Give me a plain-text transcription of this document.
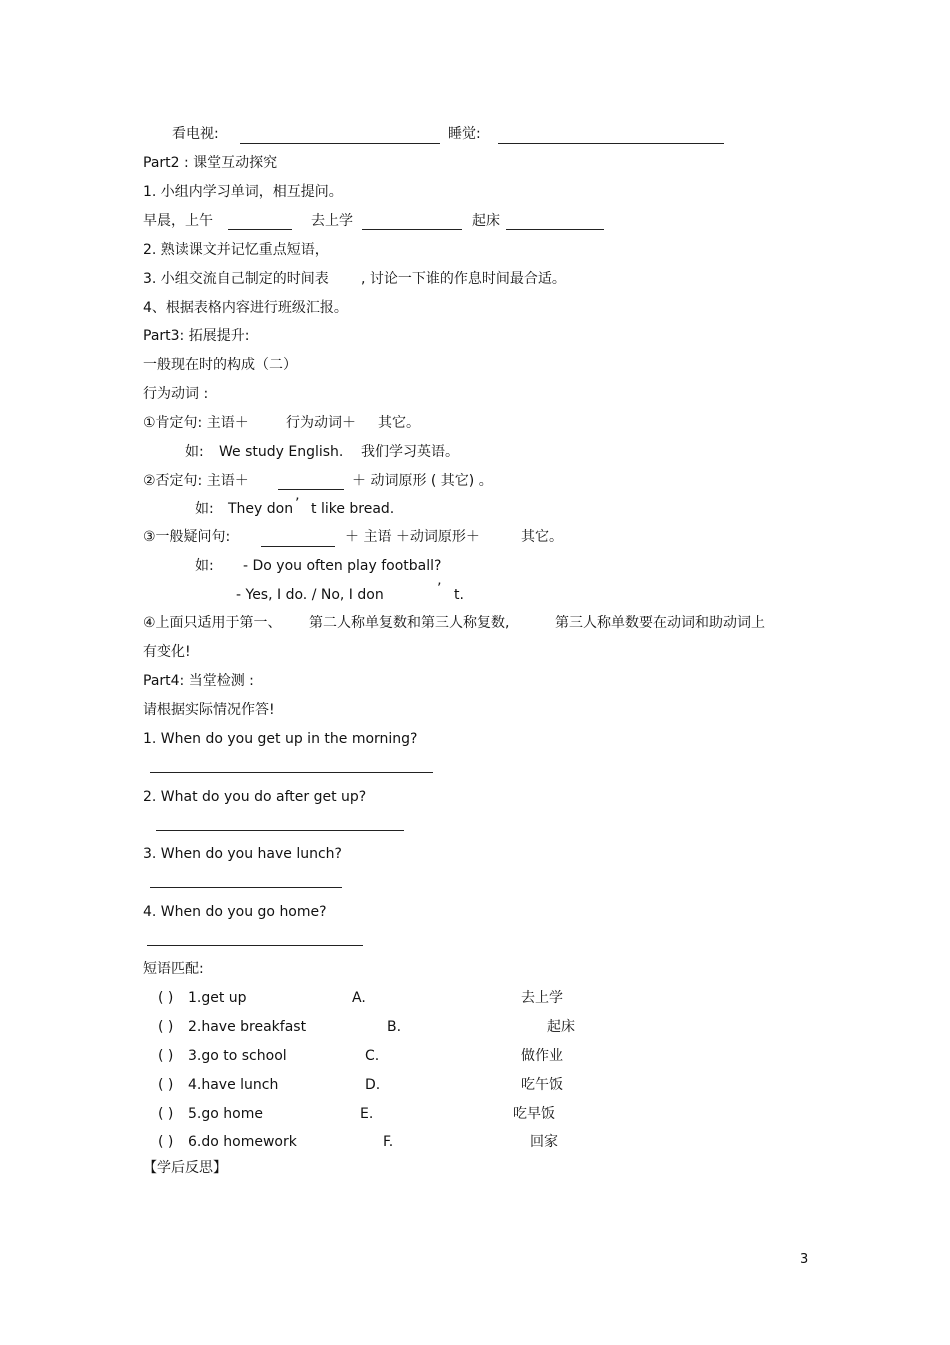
看电视:	睡觉:
Part2 : 课堂互动探究
1. 小组内学习单词，相互提问。
早晨，上午	去上学	起床
2. 熟读课文并记忆重点短语，
3. 小组交流自己制定的时间表 , 讨论一下谁的作息时间最合适。
4、根据表格内容进行班级汇报。
Part3: 拓展提升:
一般现在时的构成（二）
行为动词 :
①肯定句: 主语＋	行为动词＋ 其它。
如: We study English. 我们学习英语。
②否定句: 主语＋	＋ 动词原形 ( 其它) 。
如: They don ’ t like bread.
③一般疑问句:	＋ 主语 ＋动词原形＋	其它。
如: - Do you often play football?
- Yes, I do. / No, I don	’ t.
④上面只适用于第一、 第二人称单复数和第三人称复数,	第三人称单数要在动词和助动词上
有变化!
Part4: 当堂检测 :
请根据实际情况作答!
1. When do you get up in the morning?
2. What do you do after get up?
3. When do you have lunch?
4. When do you go home?
短语匹配:
( ) 1.get up	A.	去上学
( ) 2.have breakfast	B.	起床
( ) 3.go to school	C.	做作业
( ) 4.have lunch	D.	吃午饭
( ) 5.go home	E.	吃早饭
( ) 6.do homework	F.	回家
【学后反思】
3
